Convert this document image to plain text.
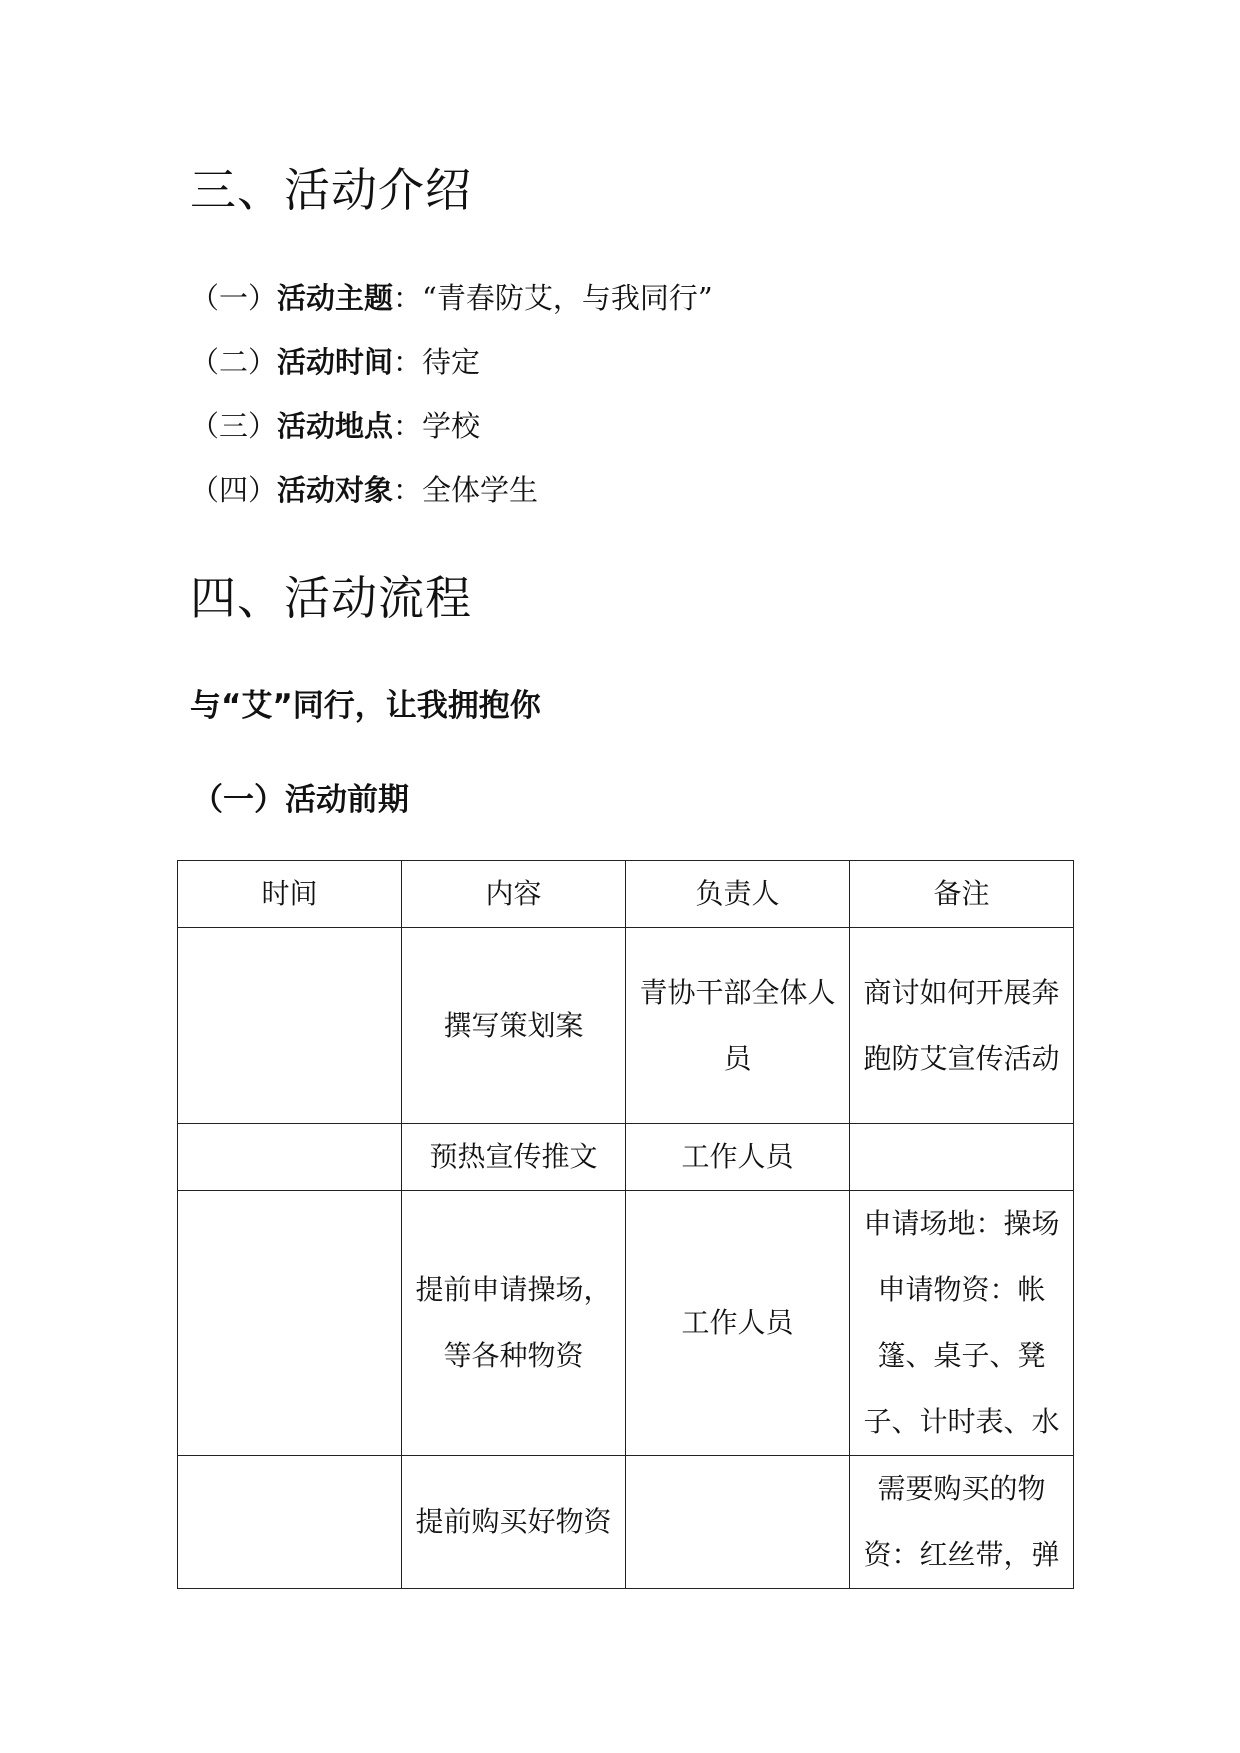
三、活动介绍
（一）活动主题：“青春防艾，与我同行”
（二）活动时间：待定
（三）活动地点：学校
（四）活动对象：全体学生
四、活动流程
与“艾”同行，让我拥抱你
（一）活动前期
时间	内容	负责人	备注
	撰写策划案	青协干部全体人员	商讨如何开展奔跑防艾宣传活动
	预热宣传推文	工作人员	
	提前申请操场，等各种物资	工作人员	申请场地：操场申请物资：帐篷、桌子、凳子、计时表、水
	提前购买好物资		需要购买的物资：红丝带，弹
